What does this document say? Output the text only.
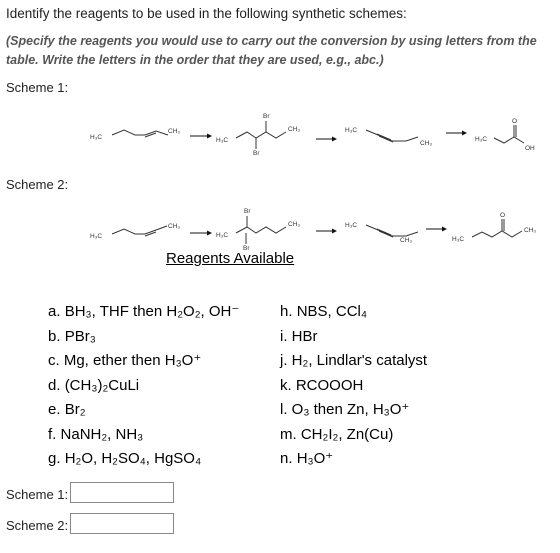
Identify the reagents to be used in the following synthetic schemes:
(Specify the reagents you would use to carry out the conversion by using letters from the table. Write the letters in the order that they are used, e.g., abc.)
Scheme 1:
H₃C
CH₃
H₃C
Br
Br
CH₃	H₃C
CH₃
H₃C
O
OH
Scheme 2:
H₃C
CH₃
H₃C
Br
Br
CH₃	H₃C
CH₃	H₃C
O
CH₃
Reagents Available
a. BH₃, THF then H₂O₂, OH⁻
b. PBr₃
c. Mg, ether then H₃O⁺
d. (CH₃)₂CuLi
e. Br₂
f. NaNH₂, NH₃
g. H₂O, H₂SO₄, HgSO₄
h. NBS, CCl₄
i. HBr
j. H₂, Lindlar's catalyst
k. RCOOOH
l. O₃ then Zn, H₃O⁺
m. CH₂I₂, Zn(Cu)
n. H₃O⁺
Scheme 1:
Scheme 2:
